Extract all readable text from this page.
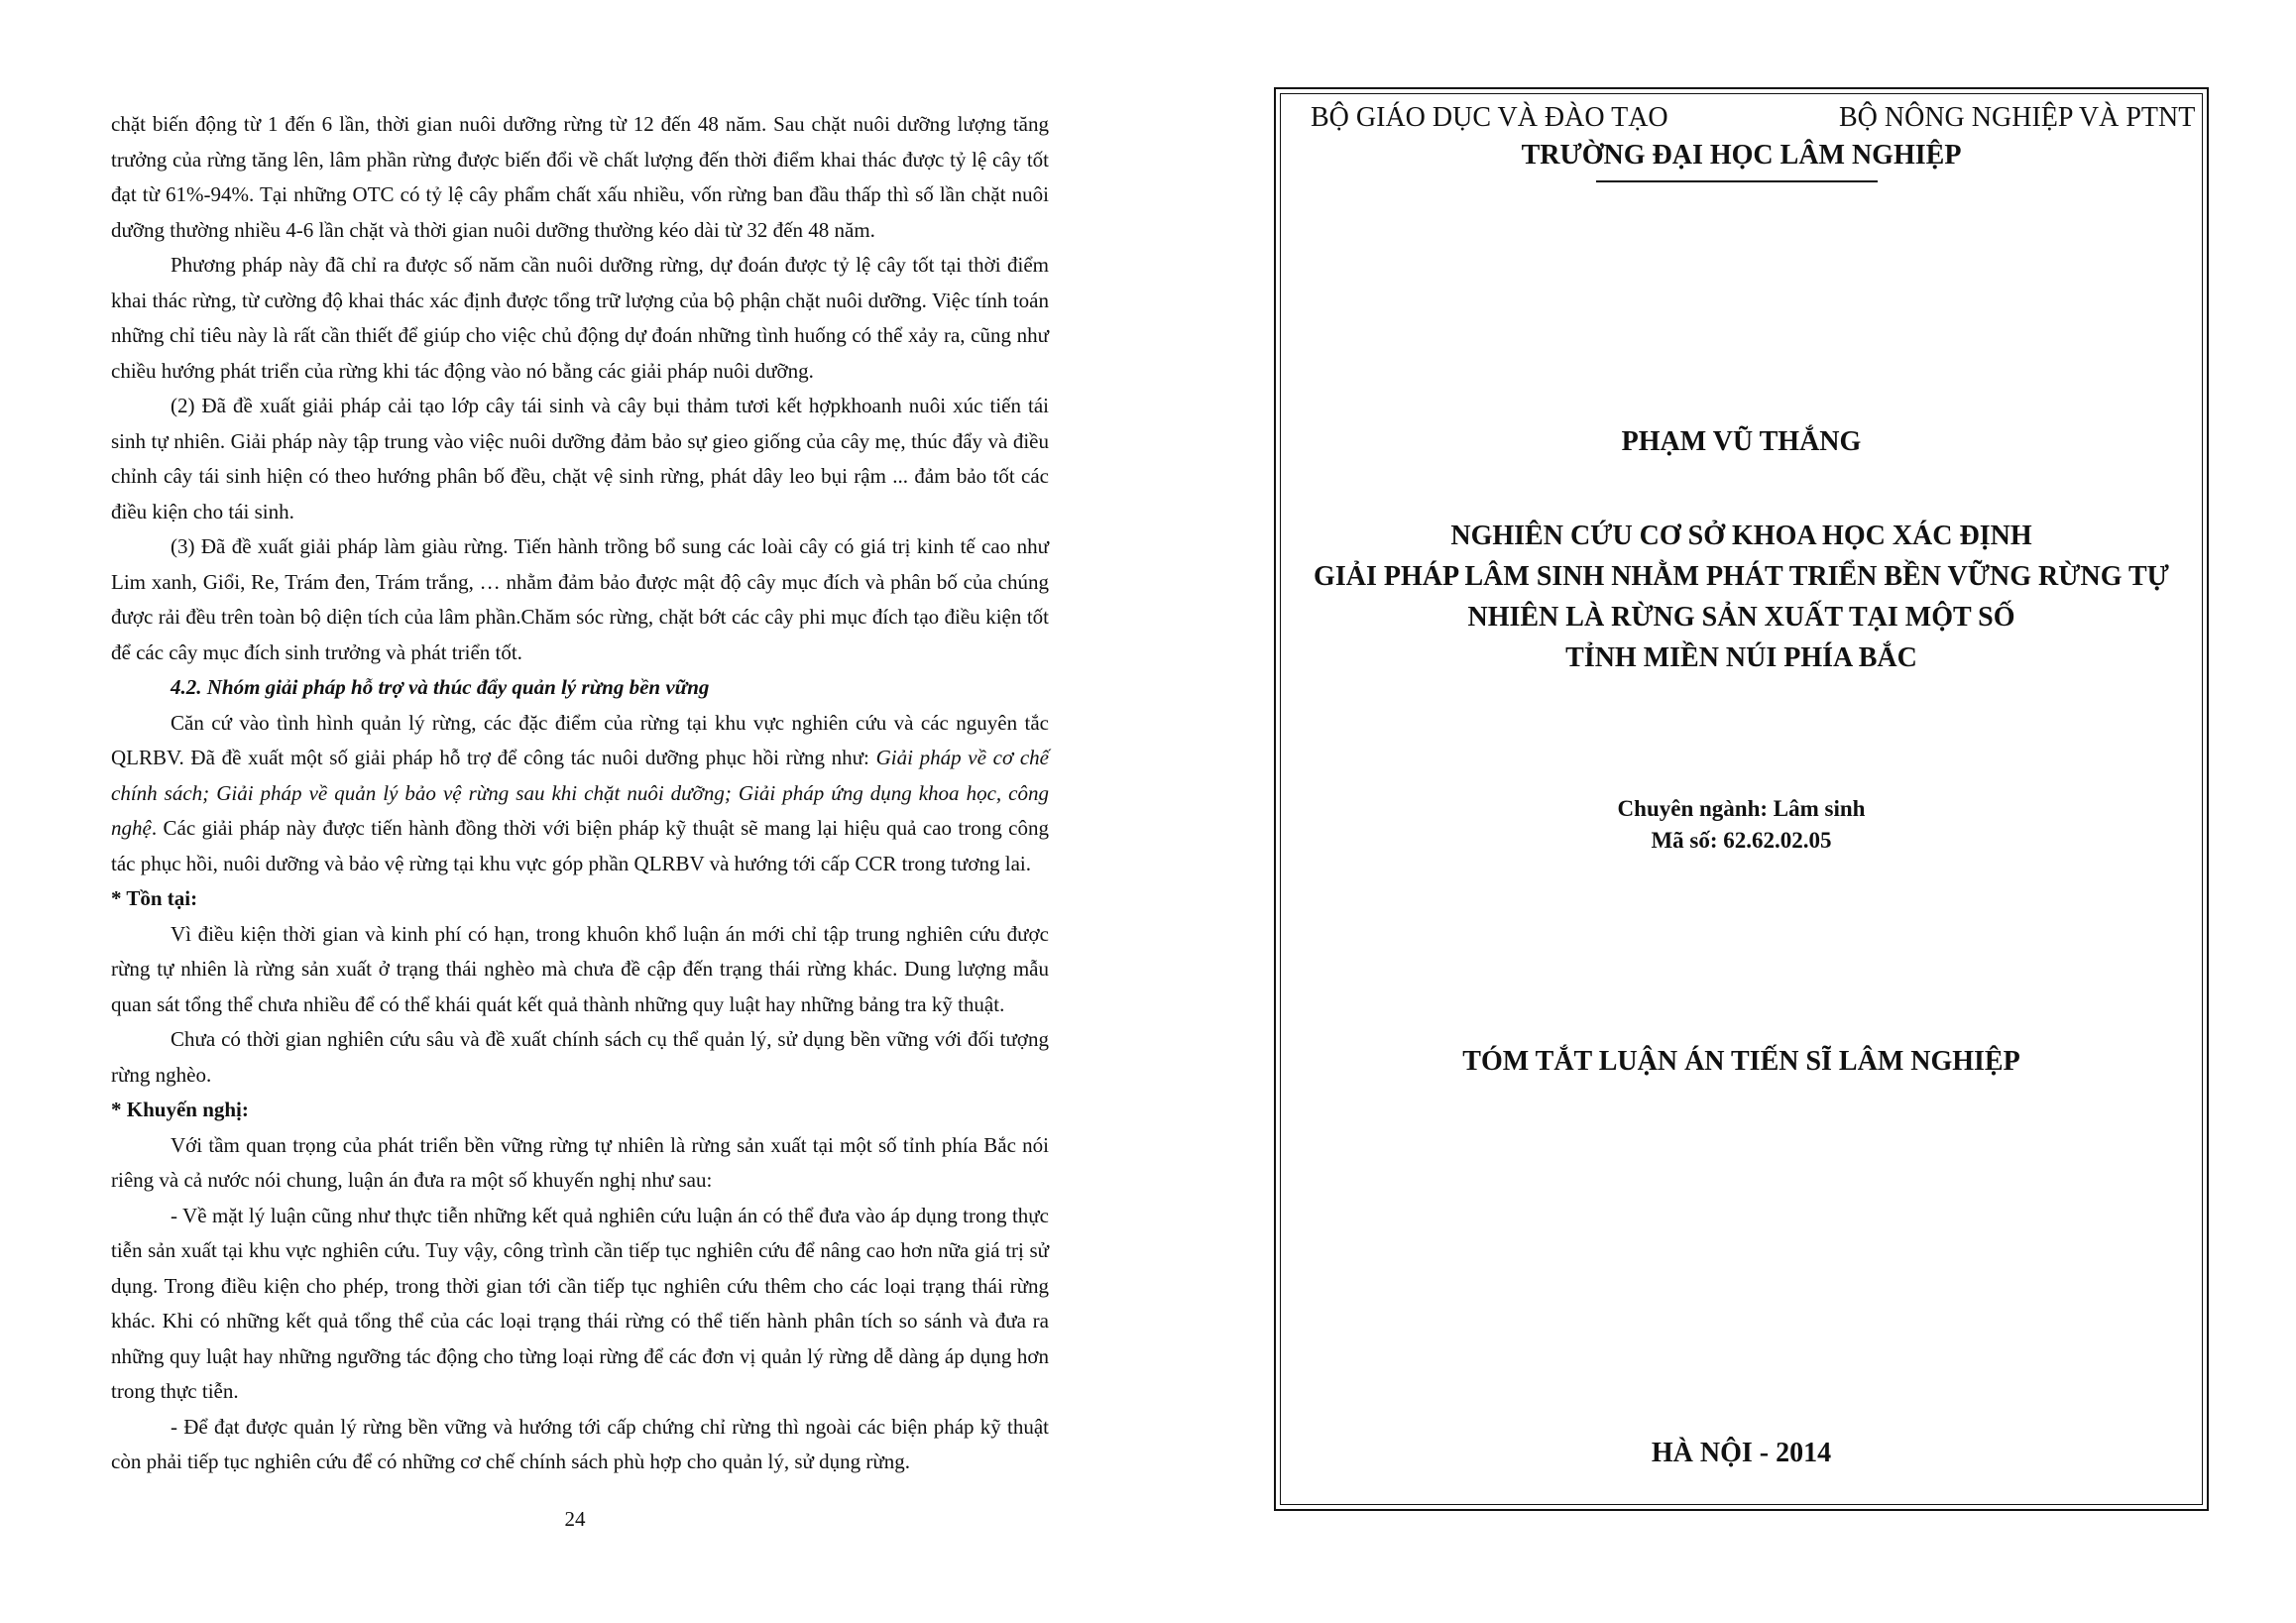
chặt biến động từ 1 đến 6 lần, thời gian nuôi dưỡng rừng từ 12 đến 48 năm. Sau chặt nuôi dưỡng lượng tăng trưởng của rừng tăng lên, lâm phần rừng được biến đổi về chất lượng đến thời điểm khai thác được tỷ lệ cây tốt đạt từ 61%-94%. Tại những OTC có tỷ lệ cây phẩm chất xấu nhiều, vốn rừng ban đầu thấp thì số lần chặt nuôi dưỡng thường nhiều 4-6 lần chặt và thời gian nuôi dưỡng thường kéo dài từ 32 đến 48 năm.

Phương pháp này đã chỉ ra được số năm cần nuôi dưỡng rừng, dự đoán được tỷ lệ cây tốt tại thời điểm khai thác rừng, từ cường độ khai thác xác định được tổng trữ lượng của bộ phận chặt nuôi dưỡng. Việc tính toán những chỉ tiêu này là rất cần thiết để giúp cho việc chủ động dự đoán những tình huống có thể xảy ra, cũng như chiều hướng phát triển của rừng khi tác động vào nó bằng các giải pháp nuôi dưỡng.

(2) Đã đề xuất giải pháp cải tạo lớp cây tái sinh và cây bụi thảm tươi kết hợpkhoanh nuôi xúc tiến tái sinh tự nhiên. Giải pháp này tập trung vào việc nuôi dưỡng đảm bảo sự gieo giống của cây mẹ, thúc đẩy và điều chỉnh cây tái sinh hiện có theo hướng phân bố đều, chặt vệ sinh rừng, phát dây leo bụi rậm ... đảm bảo tốt các điều kiện cho tái sinh.

(3) Đã đề xuất giải pháp làm giàu rừng. Tiến hành trồng bổ sung các loài cây có giá trị kinh tế cao như Lim xanh, Giổi, Re, Trám đen, Trám trắng, … nhằm đảm bảo được mật độ cây mục đích và phân bố của chúng được rải đều trên toàn bộ diện tích của lâm phần.Chăm sóc rừng, chặt bớt các cây phi mục đích tạo điều kiện tốt để các cây mục đích sinh trưởng và phát triển tốt.

4.2. Nhóm giải pháp hỗ trợ và thúc đẩy quản lý rừng bền vững

Căn cứ vào tình hình quản lý rừng, các đặc điểm của rừng tại khu vực nghiên cứu và các nguyên tắc QLRBV. Đã đề xuất một số giải pháp hỗ trợ để công tác nuôi dưỡng phục hồi rừng như: Giải pháp về cơ chế chính sách; Giải pháp về quản lý bảo vệ rừng sau khi chặt nuôi dưỡng; Giải pháp ứng dụng khoa học, công nghệ. Các giải pháp này được tiến hành đồng thời với biện pháp kỹ thuật sẽ mang lại hiệu quả cao trong công tác phục hồi, nuôi dưỡng và bảo vệ rừng tại khu vực góp phần QLRBV và hướng tới cấp CCR trong tương lai.

* Tồn tại:

Vì điều kiện thời gian và kinh phí có hạn, trong khuôn khổ luận án mới chỉ tập trung nghiên cứu được rừng tự nhiên là rừng sản xuất ở trạng thái nghèo mà chưa đề cập đến trạng thái rừng khác. Dung lượng mẫu quan sát tổng thể chưa nhiều để có thể khái quát kết quả thành những quy luật hay những bảng tra kỹ thuật.

Chưa có thời gian nghiên cứu sâu và đề xuất chính sách cụ thể quản lý, sử dụng bền vững với đối tượng rừng nghèo.

* Khuyến nghị:

Với tầm quan trọng của phát triển bền vững rừng tự nhiên là rừng sản xuất tại một số tỉnh phía Bắc nói riêng và cả nước nói chung, luận án đưa ra một số khuyến nghị như sau:

- Về mặt lý luận cũng như thực tiễn những kết quả nghiên cứu luận án có thể đưa vào áp dụng trong thực tiễn sản xuất tại khu vực nghiên cứu. Tuy vậy, công trình cần tiếp tục nghiên cứu để nâng cao hơn nữa giá trị sử dụng. Trong điều kiện cho phép, trong thời gian tới cần tiếp tục nghiên cứu thêm cho các loại trạng thái rừng khác. Khi có những kết quả tổng thể của các loại trạng thái rừng có thể tiến hành phân tích so sánh và đưa ra những quy luật hay những ngưỡng tác động cho từng loại rừng để các đơn vị quản lý rừng dễ dàng áp dụng hơn trong thực tiễn.

- Để đạt được quản lý rừng bền vững và hướng tới cấp chứng chỉ rừng thì ngoài các biện pháp kỹ thuật còn phải tiếp tục nghiên cứu để có những cơ chế chính sách phù hợp cho quản lý, sử dụng rừng.

24
BỘ GIÁO DỤC VÀ ĐÀO TẠO	BỘ NÔNG NGHIỆP VÀ PTNT
TRƯỜNG ĐẠI HỌC LÂM NGHIỆP
PHẠM VŨ THẮNG
NGHIÊN CỨU CƠ SỞ KHOA HỌC XÁC ĐỊNH
GIẢI PHÁP LÂM SINH NHẰM PHÁT TRIỂN BỀN VỮNG RỪNG TỰ
NHIÊN LÀ RỪNG SẢN XUẤT TẠI MỘT SỐ
TỈNH MIỀN NÚI PHÍA BẮC
Chuyên ngành: Lâm sinh
Mã số: 62.62.02.05
TÓM TẮT LUẬN ÁN TIẾN SĨ LÂM NGHIỆP
HÀ NỘI - 2014
